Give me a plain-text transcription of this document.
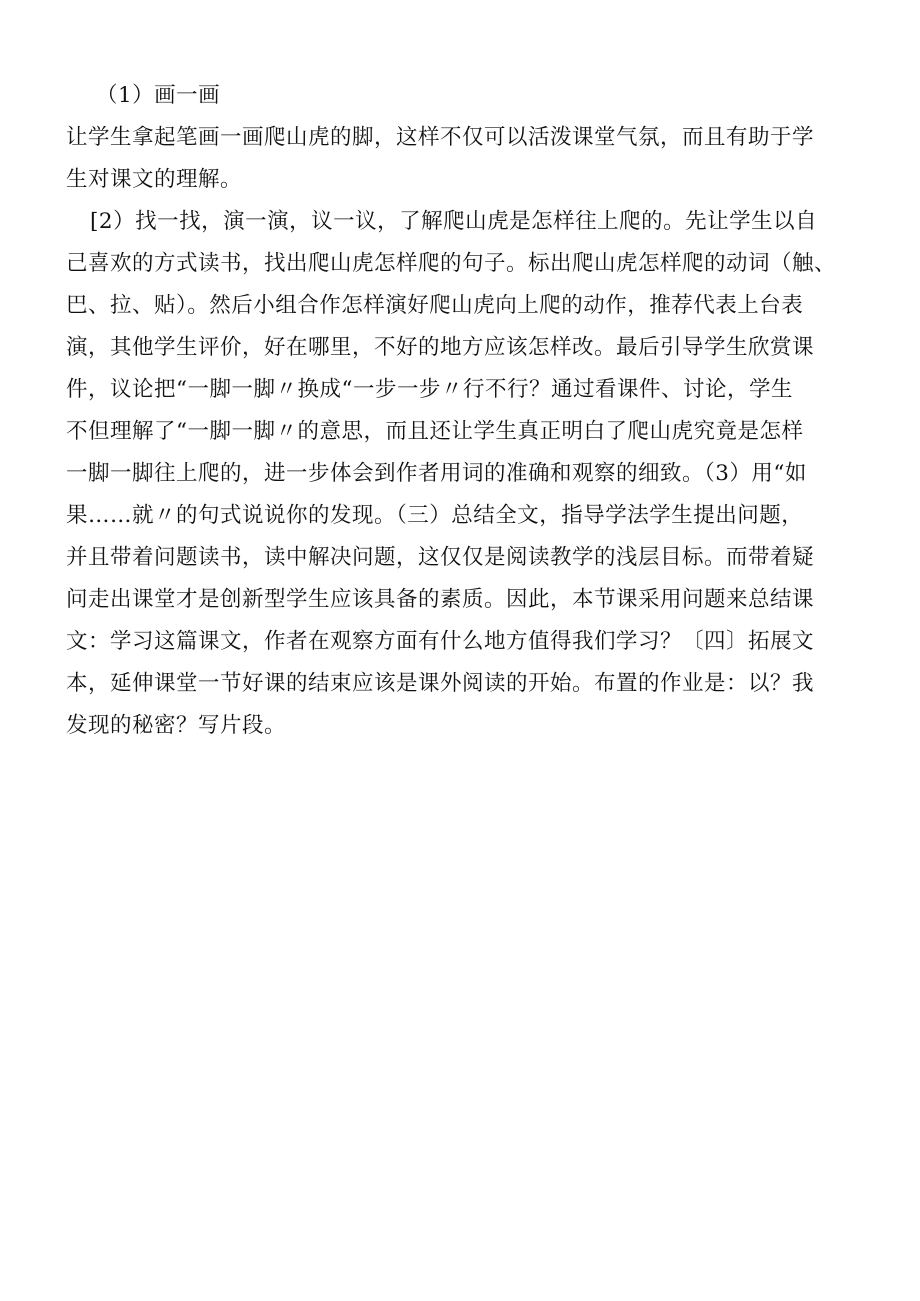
（1）画一画
让学生拿起笔画一画爬山虎的脚，这样不仅可以活泼课堂气氛，而且有助于学
生对课文的理解。
[2）找一找，演一演，议一议，了解爬山虎是怎样往上爬的。先让学生以自
己喜欢的方式读书，找出爬山虎怎样爬的句子。标出爬山虎怎样爬的动词（触、
巴、拉、贴）。然后小组合作怎样演好爬山虎向上爬的动作，推荐代表上台表
演，其他学生评价，好在哪里，不好的地方应该怎样改。最后引导学生欣赏课
件，议论把“一脚一脚〃换成“一步一步〃行不行？通过看课件、讨论，学生
不但理解了“一脚一脚〃的意思，而且还让学生真正明白了爬山虎究竟是怎样
一脚一脚往上爬的，进一步体会到作者用词的准确和观察的细致。（3）用“如
果……就〃的句式说说你的发现。（三）总结全文，指导学法学生提出问题，
并且带着问题读书，读中解决问题，这仅仅是阅读教学的浅层目标。而带着疑
问走出课堂才是创新型学生应该具备的素质。因此，本节课采用问题来总结课
文：学习这篇课文，作者在观察方面有什么地方值得我们学习？〔四〕拓展文
本，延伸课堂一节好课的结束应该是课外阅读的开始。布置的作业是：以？我
发现的秘密？写片段。
